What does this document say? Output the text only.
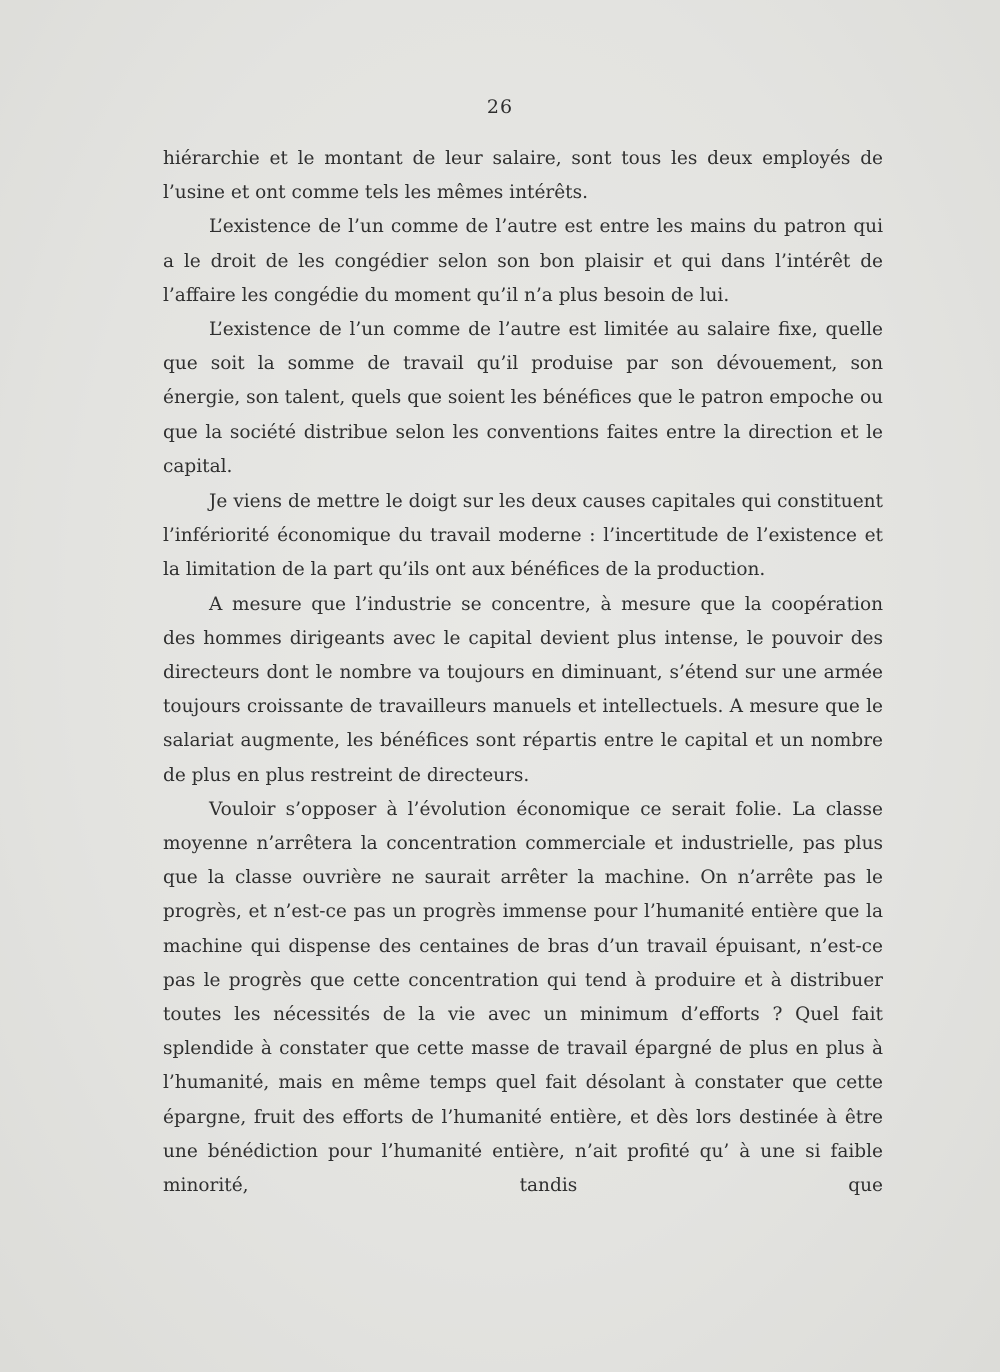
26

hiérarchie et le montant de leur salaire, sont tous les deux employés de l’usine et ont comme tels les mêmes intérêts.

L’existence de l’un comme de l’autre est entre les mains du patron qui a le droit de les congédier selon son bon plaisir et qui dans l’intérêt de l’affaire les congédie du moment qu’il n’a plus besoin de lui.

L’existence de l’un comme de l’autre est limitée au salaire fixe, quelle que soit la somme de travail qu’il produise par son dévouement, son énergie, son talent, quels que soient les bénéfices que le patron empoche ou que la société distribue selon les conventions faites entre la direction et le capital.

Je viens de mettre le doigt sur les deux causes capitales qui constituent l’infériorité économique du travail moderne : l’incertitude de l’existence et la limitation de la part qu’ils ont aux bénéfices de la production.

A mesure que l’industrie se concentre, à mesure que la coopération des hommes dirigeants avec le capital devient plus intense, le pouvoir des directeurs dont le nombre va toujours en diminuant, s’étend sur une armée toujours croissante de travailleurs manuels et intellectuels. A mesure que le salariat augmente, les bénéfices sont répartis entre le capital et un nombre de plus en plus restreint de directeurs.

Vouloir s’opposer à l’évolution économique ce serait folie. La classe moyenne n’arrêtera la concentration commerciale et industrielle, pas plus que la classe ouvrière ne saurait arrêter la machine. On n’arrête pas le progrès, et n’est-ce pas un progrès immense pour l’humanité entière que la machine qui dispense des centaines de bras d’un travail épuisant, n’est-ce pas le progrès que cette concentration qui tend à produire et à distribuer toutes les nécessités de la vie avec un minimum d’efforts ? Quel fait splendide à constater que cette masse de travail épargné de plus en plus à l’humanité, mais en même temps quel fait désolant à constater que cette épargne, fruit des efforts de l’humanité entière, et dès lors destinée à être une bénédiction pour l’humanité entière, n’ait profité qu’ à une si faible minorité, tandis que
